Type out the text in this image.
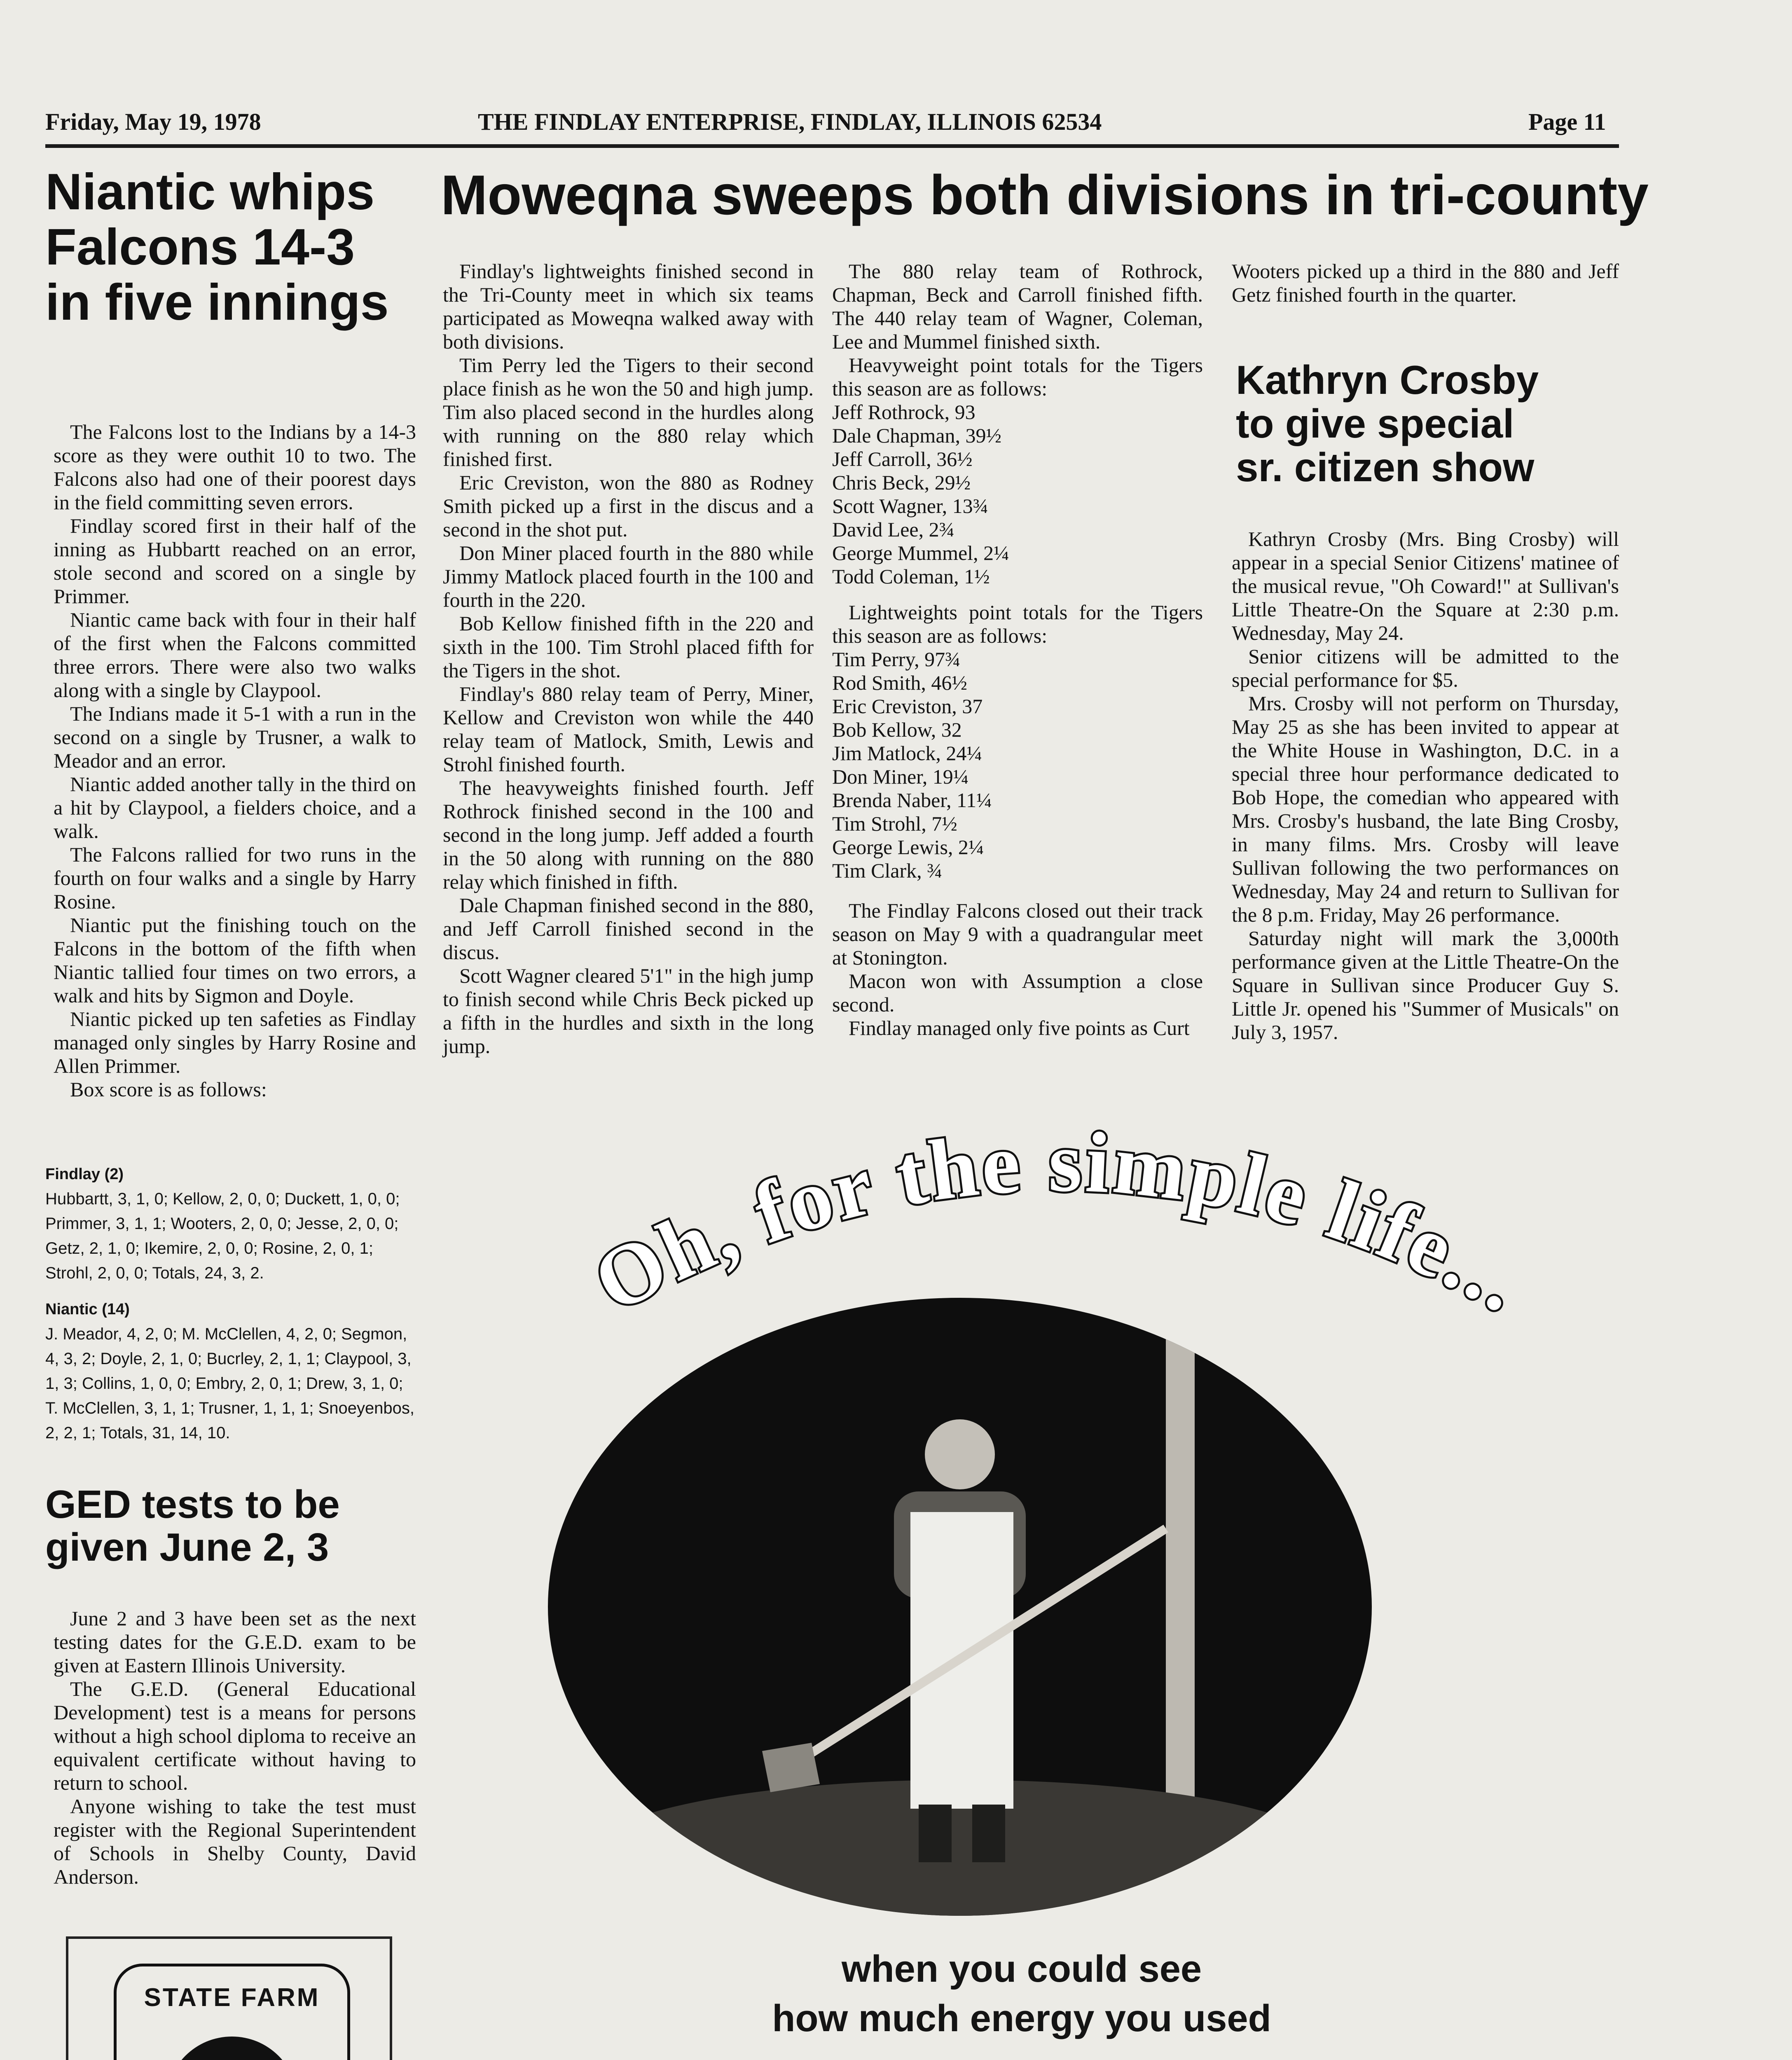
Friday, May 19, 1978	THE FINDLAY ENTERPRISE, FINDLAY, ILLINOIS 62534	Page 11
Niantic whips
Falcons 14-3
in five innings

The Falcons lost to the Indians by a 14-3 score as they were outhit 10 to two. The Falcons also had one of their poorest days in the field committing seven errors.

Findlay scored first in their half of the inning as Hubbartt reached on an error, stole second and scored on a single by Primmer.

Niantic came back with four in their half of the first when the Falcons committed three errors. There were also two walks along with a single by Claypool.

The Indians made it 5-1 with a run in the second on a single by Trusner, a walk to Meador and an error.

Niantic added another tally in the third on a hit by Claypool, a fielders choice, and a walk.

The Falcons rallied for two runs in the fourth on four walks and a single by Harry Rosine.

Niantic put the finishing touch on the Falcons in the bottom of the fifth when Niantic tallied four times on two errors, a walk and hits by Sigmon and Doyle.

Niantic picked up ten safeties as Findlay managed only singles by Harry Rosine and Allen Primmer.

Box score is as follows:

Findlay (2)
Hubbartt, 3, 1, 0; Kellow, 2, 0, 0; Duckett, 1, 0, 0; Primmer, 3, 1, 1; Wooters, 2, 0, 0; Jesse, 2, 0, 0; Getz, 2, 1, 0; Ikemire, 2, 0, 0; Rosine, 2, 0, 1; Strohl, 2, 0, 0; Totals, 24, 3, 2.
Niantic (14)
J. Meador, 4, 2, 0; M. McClellen, 4, 2, 0; Segmon, 4, 3, 2; Doyle, 2, 1, 0; Bucrley, 2, 1, 1; Claypool, 3, 1, 3; Collins, 1, 0, 0; Embry, 2, 0, 1; Drew, 3, 1, 0; T. McClellen, 3, 1, 1; Trusner, 1, 1, 1; Snoeyenbos, 2, 2, 1; Totals, 31, 14, 10.
GED tests to be
given June 2, 3

June 2 and 3 have been set as the next testing dates for the G.E.D. exam to be given at Eastern Illinois University.

The G.E.D. (General Educational Development) test is a means for persons without a high school diploma to receive an equivalent certificate without having to return to school.

Anyone wishing to take the test must register with the Regional Superintendent of Schools in Shelby County, David Anderson.

STATE FARM
Moweqna sweeps both divisions in tri-county

Findlay's lightweights finished second in the Tri-County meet in which six teams participated as Moweqna walked away with both divisions.

Tim Perry led the Tigers to their second place finish as he won the 50 and high jump. Tim also placed second in the hurdles along with running on the 880 relay which finished first.

Eric Creviston, won the 880 as Rodney Smith picked up a first in the discus and a second in the shot put.

Don Miner placed fourth in the 880 while Jimmy Matlock placed fourth in the 100 and fourth in the 220.

Bob Kellow finished fifth in the 220 and sixth in the 100. Tim Strohl placed fifth for the Tigers in the shot.

Findlay's 880 relay team of Perry, Miner, Kellow and Creviston won while the 440 relay team of Matlock, Smith, Lewis and Strohl finished fourth.

The heavyweights finished fourth. Jeff Rothrock finished second in the 100 and second in the long jump. Jeff added a fourth in the 50 along with running on the 880 relay which finished in fifth.

Dale Chapman finished second in the 880, and Jeff Carroll finished second in the discus.

Scott Wagner cleared 5'1" in the high jump to finish second while Chris Beck picked up a fifth in the hurdles and sixth in the long jump.

The 880 relay team of Rothrock, Chapman, Beck and Carroll finished fifth. The 440 relay team of Wagner, Coleman, Lee and Mummel finished sixth.

Heavyweight point totals for the Tigers this season are as follows:

Jeff Rothrock, 93
Dale Chapman, 39½
Jeff Carroll, 36½
Chris Beck, 29½
Scott Wagner, 13¾
David Lee, 2¾
George Mummel, 2¼
Todd Coleman, 1½

Lightweights point totals for the Tigers this season are as follows:

Tim Perry, 97¾
Rod Smith, 46½
Eric Creviston, 37
Bob Kellow, 32
Jim Matlock, 24¼
Don Miner, 19¼
Brenda Naber, 11¼
Tim Strohl, 7½
George Lewis, 2¼
Tim Clark, ¾

The Findlay Falcons closed out their track season on May 9 with a quadrangular meet at Stonington.

Macon won with Assumption a close second.

Findlay managed only five points as Curt

Wooters picked up a third in the 880 and Jeff Getz finished fourth in the quarter.

Kathryn Crosby
to give special
sr. citizen show

Kathryn Crosby (Mrs. Bing Crosby) will appear in a special Senior Citizens' matinee of the musical revue, "Oh Coward!" at Sullivan's Little Theatre-On the Square at 2:30 p.m. Wednesday, May 24.

Senior citizens will be admitted to the special performance for $5.

Mrs. Crosby will not perform on Thursday, May 25 as she has been invited to appear at the White House in Washington, D.C. in a special three hour performance dedicated to Bob Hope, the comedian who appeared with Mrs. Crosby's husband, the late Bing Crosby, in many films. Mrs. Crosby will leave Sullivan following the two performances on Wednesday, May 24 and return to Sullivan for the 8 p.m. Friday, May 26 performance.

Saturday night will mark the 3,000th performance given at the Little Theatre-On the Square in Sullivan since Producer Guy S. Little Jr. opened his "Summer of Musicals" on July 3, 1957.

Oh, for the simple life...
when you could see
how much energy you used
